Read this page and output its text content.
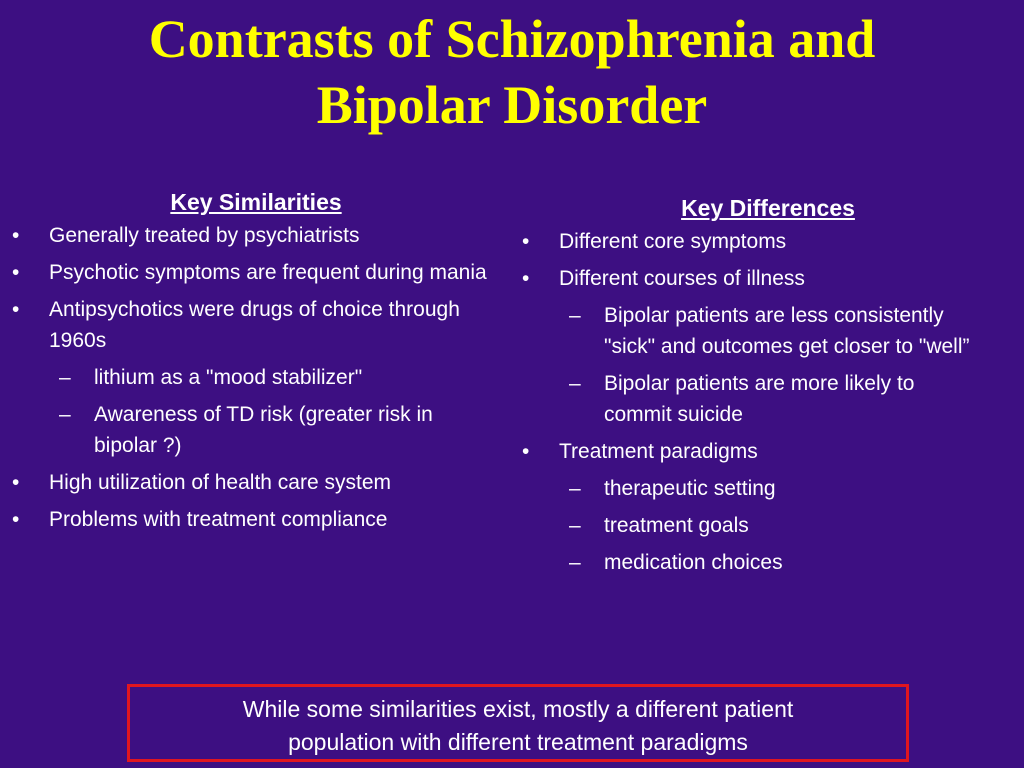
Contrasts of Schizophrenia and
Bipolar Disorder
Key Similarities
•	Generally treated by psychiatrists
•	Psychotic symptoms are frequent during mania
•	Antipsychotics were drugs of choice through 1960s
– lithium as a "mood stabilizer"
– Awareness of TD risk (greater risk in bipolar ?)
•	High utilization of health care system
•	Problems with treatment compliance
Key Differences
•	Different core symptoms
•	Different courses of illness
– Bipolar patients are less consistently "sick" and outcomes get closer to "well”
– Bipolar patients are more likely to commit suicide
•	Treatment paradigms
– therapeutic setting
– treatment goals
– medication choices
While some similarities exist, mostly a different patient
population with different treatment paradigms
